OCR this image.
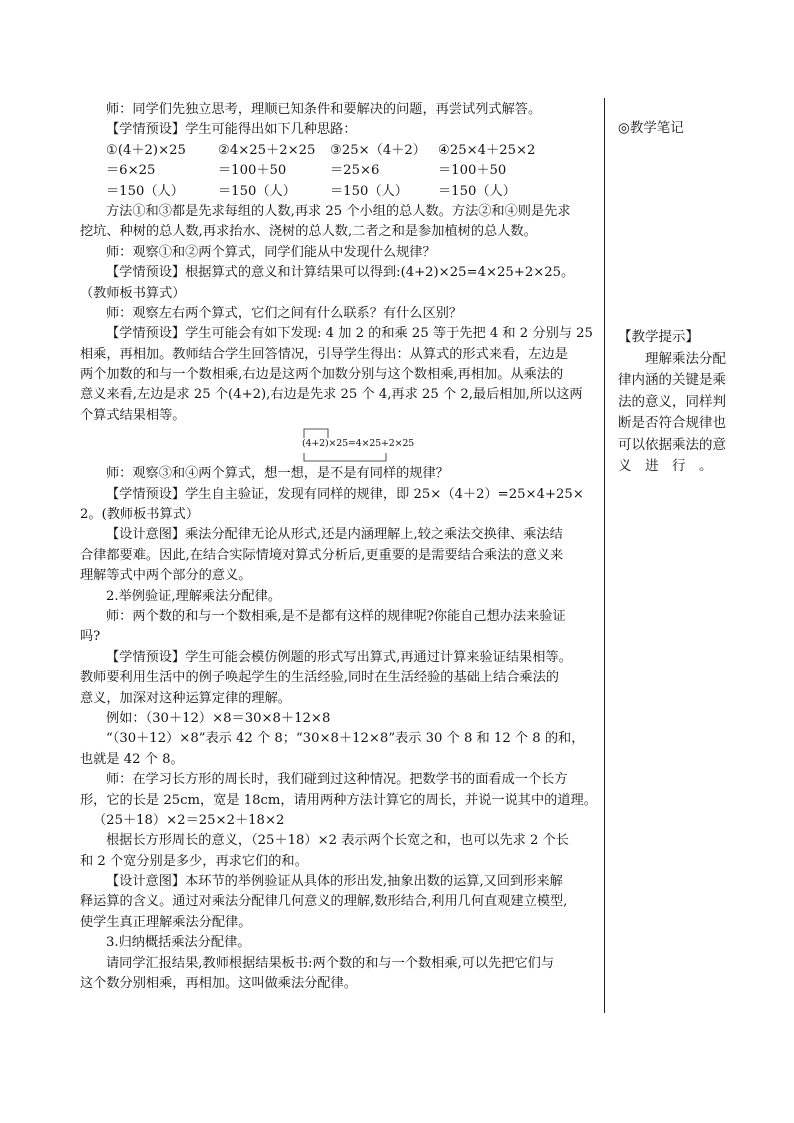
师：同学们先独立思考，理顺已知条件和要解决的问题，再尝试列式解答。
【学情预设】学生可能得出如下几种思路：
①(4＋2)×25	②4×25＋2×25	③25×（4＋2） ④25×4＋25×2
＝6×25	＝100＋50	＝25×6	＝100＋50
＝150（人）	＝150（人）	＝150（人）	＝150（人）
方法①和③都是先求每组的人数,再求 25 个小组的总人数。方法②和④则是先求
挖坑、种树的总人数,再求抬水、浇树的总人数,二者之和是参加植树的总人数。
师：观察①和②两个算式，同学们能从中发现什么规律？
【学情预设】根据算式的意义和计算结果可以得到:(4+2)×25=4×25+2×25。
（教师板书算式）
师：观察左右两个算式，它们之间有什么联系？有什么区别？
【学情预设】学生可能会有如下发现: 4 加 2 的和乘 25 等于先把 4 和 2 分别与 25
相乘，再相加。教师结合学生回答情况，引导学生得出：从算式的形式来看，左边是
两个加数的和与一个数相乘,右边是这两个加数分别与这个数相乘,再相加。从乘法的
意义来看,左边是求 25 个(4+2),右边是先求 25 个 4,再求 25 个 2,最后相加,所以这两
个算式结果相等。
(4+2)×25=4×25+2×25
师：观察③和④两个算式，想一想，是不是有同样的规律？
【学情预设】学生自主验证，发现有同样的规律，即 25×（4＋2）=25×4+25×
2。(教师板书算式）
【设计意图】乘法分配律无论从形式,还是内涵理解上,较之乘法交换律、乘法结
合律都要难。因此,在结合实际情境对算式分析后,更重要的是需要结合乘法的意义来
理解等式中两个部分的意义。
2.举例验证,理解乘法分配律。
师：两个数的和与一个数相乘,是不是都有这样的规律呢?你能自己想办法来验证
吗?
【学情预设】学生可能会模仿例题的形式写出算式,再通过计算来验证结果相等。
教师要利用生活中的例子唤起学生的生活经验,同时在生活经验的基础上结合乘法的
意义，加深对这种运算定律的理解。
例如：（30＋12）×8＝30×8＋12×8
“（30＋12）×8”表示 42 个 8；“30×8＋12×8”表示 30 个 8 和 12 个 8 的和，
也就是 42 个 8。
师：在学习长方形的周长时，我们碰到过这种情况。把数学书的面看成一个长方
形，它的长是 25cm，宽是 18cm，请用两种方法计算它的周长，并说一说其中的道理。
（25＋18）×2＝25×2＋18×2
根据长方形周长的意义，（25＋18）×2 表示两个长宽之和，也可以先求 2 个长
和 2 个宽分别是多少，再求它们的和。
【设计意图】本环节的举例验证从具体的形出发,抽象出数的运算,又回到形来解
释运算的含义。通过对乘法分配律几何意义的理解,数形结合,利用几何直观建立模型,
使学生真正理解乘法分配律。
3.归纳概括乘法分配律。
请同学汇报结果,教师根据结果板书:两个数的和与一个数相乘,可以先把它们与
这个数分别相乘，再相加。这叫做乘法分配律。
◎教学笔记
【教学提示】
理解乘法分配
律内涵的关键是乘
法的意义，同样判
断是否符合规律也
可以依据乘法的意
义　进　行　。
